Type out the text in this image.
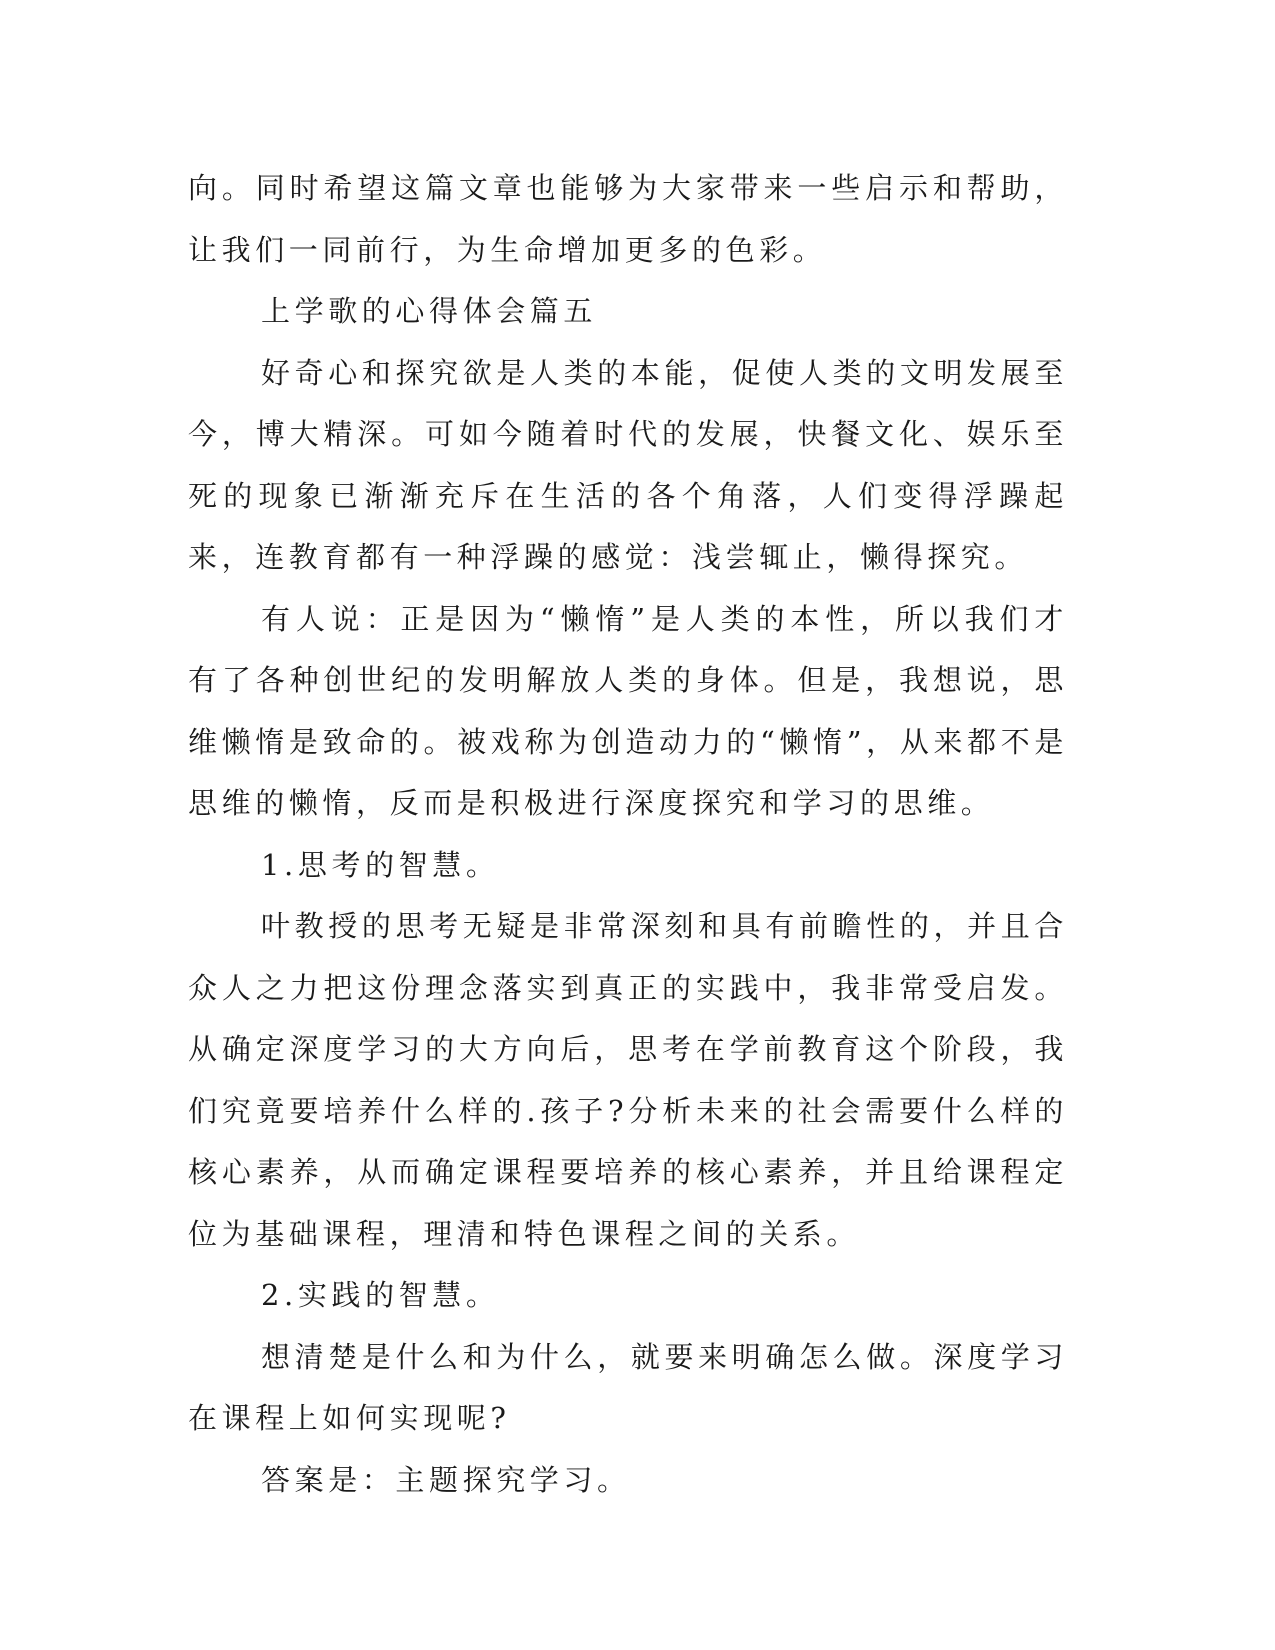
向。同时希望这篇文章也能够为大家带来一些启示和帮助，让我们一同前行，为生命增加更多的色彩。

上学歌的心得体会篇五

好奇心和探究欲是人类的本能，促使人类的文明发展至今，博大精深。可如今随着时代的发展，快餐文化、娱乐至死的现象已渐渐充斥在生活的各个角落，人们变得浮躁起来，连教育都有一种浮躁的感觉：浅尝辄止，懒得探究。

有人说：正是因为“懒惰”是人类的本性，所以我们才有了各种创世纪的发明解放人类的身体。但是，我想说，思维懒惰是致命的。被戏称为创造动力的“懒惰”，从来都不是思维的懒惰，反而是积极进行深度探究和学习的思维。

1.思考的智慧。

叶教授的思考无疑是非常深刻和具有前瞻性的，并且合众人之力把这份理念落实到真正的实践中，我非常受启发。从确定深度学习的大方向后，思考在学前教育这个阶段，我们究竟要培养什么样的.孩子?分析未来的社会需要什么样的核心素养，从而确定课程要培养的核心素养，并且给课程定位为基础课程，理清和特色课程之间的关系。

2.实践的智慧。

想清楚是什么和为什么，就要来明确怎么做。深度学习在课程上如何实现呢?

答案是：主题探究学习。
